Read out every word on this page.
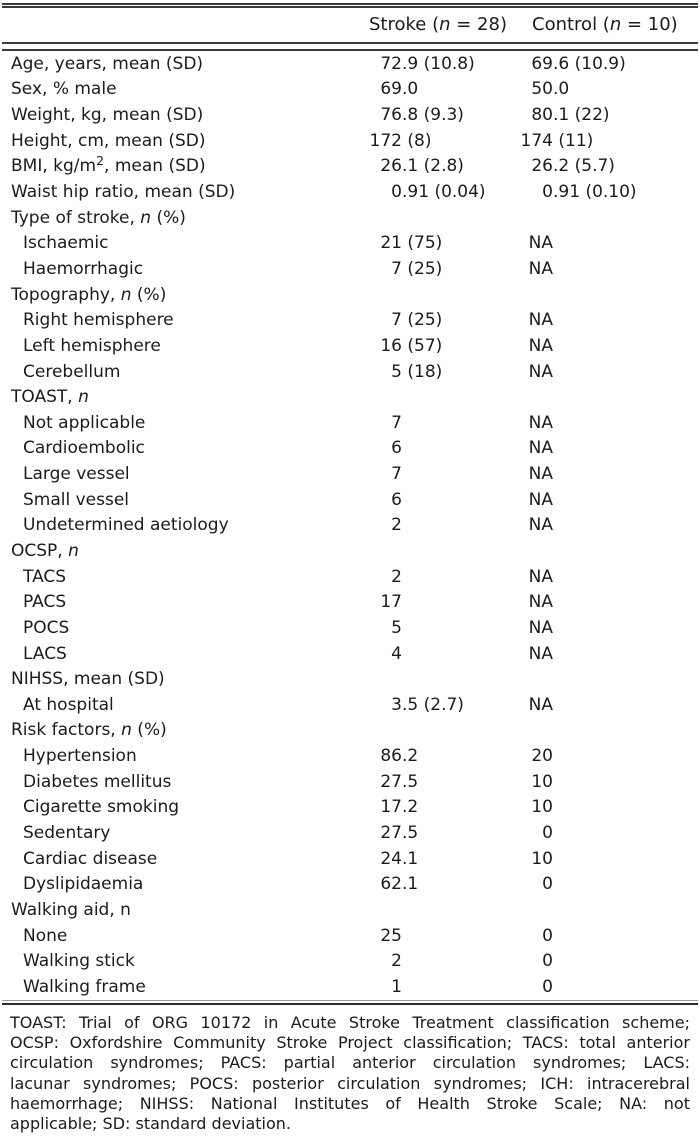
Stroke (n = 28) Control (n = 10)
Age, years, mean (SD)	72 .9 (10.8)	69 .6 (10.9)
Sex, % male	69 .0	50 .0
Weight, kg, mean (SD)	76 .8 (9.3)	80 .1 (22)
Height, cm, mean (SD)	172 (8)	174 (11)
BMI, $kg/m^2$, mean (SD)	26 .1 (2.8)	26 .2 (5.7)
Waist hip ratio, mean (SD)	0 .91 (0.04)	0 .91 (0.10)
Type of stroke, n (%)
Ischaemic	21 (75)	NA
Haemorrhagic	7 (25)	NA
Topography, n (%)
Right hemisphere	7 (25)	NA
Left hemisphere	16 (57)	NA
Cerebellum	5 (18)	NA
TOAST, n
Not applicable	7	NA
Cardioembolic	6	NA
Large vessel	7	NA
Small vessel	6	NA
Undetermined aetiology	2	NA
OCSP, n
TACS	2	NA
PACS	17	NA
POCS	5	NA
LACS	4	NA
NIHSS, mean (SD)
At hospital	3 .5 (2.7)	NA
Risk factors, n (%)
Hypertension	86 .2	20
Diabetes mellitus	27 .5	10
Cigarette smoking	17 .2	10
Sedentary	27 .5	0
Cardiac disease	24 .1	10
Dyslipidaemia	62 .1	0
Walking aid, n
None	25	0
Walking stick	2	0
Walking frame	1	0
TOAST: Trial of ORG 10172 in Acute Stroke Treatment classification scheme;
OCSP: Oxfordshire Community Stroke Project classification; TACS: total anterior
circulation syndromes; PACS: partial anterior circulation syndromes; LACS:
lacunar syndromes; POCS: posterior circulation syndromes; ICH: intracerebral
haemorrhage; NIHSS: National Institutes of Health Stroke Scale; NA: not
applicable; SD: standard deviation.
